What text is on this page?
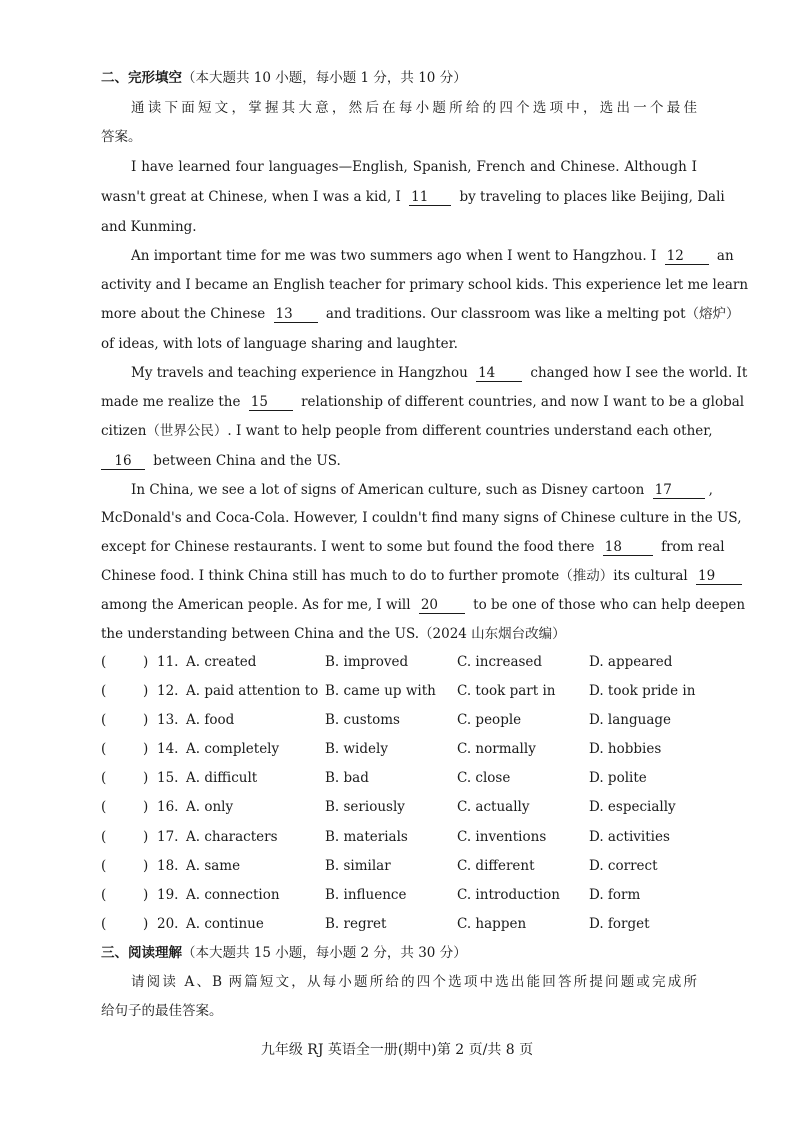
二、完形填空（本大题共 10 小题，每小题 1 分，共 10 分）
通读下面短文，掌握其大意，然后在每小题所给的四个选项中，选出一个最佳
答案。
I have learned four languages—English, Spanish, French and Chinese. Although I
wasn't great at Chinese, when I was a kid, I 11 by traveling to places like Beijing, Dali
and Kunming.
An important time for me was two summers ago when I went to Hangzhou. I 12 an
activity and I became an English teacher for primary school kids. This experience let me learn
more about the Chinese 13 and traditions. Our classroom was like a melting pot（熔炉）
of ideas, with lots of language sharing and laughter.
My travels and teaching experience in Hangzhou 14	changed how I see the world. It
made me realize the 15 relationship of different countries, and now I want to be a global
citizen（世界公民）. I want to help people from different countries understand each other,
16 between China and the US.
In China, we see a lot of signs of American culture, such as Disney cartoon 17	,
McDonald's and Coca-Cola. However, I couldn't find many signs of Chinese culture in the US,
except for Chinese restaurants. I went to some but found the food there 18	from real
Chinese food. I think China still has much to do to further promote（推动）its cultural 19
among the American people. As for me, I will 20	to be one of those who can help deepen
the understanding between China and the US.（2024 山东烟台改编）
(	) 11. A. created	B. improved	C. increased	D. appeared
(	) 12. A. paid attention to B. came up with C. took part in D. took pride in
(	) 13. A. food	B. customs	C. people	D. language
(	) 14. A. completely	B. widely	C. normally	D. hobbies
(	) 15. A. difficult	B. bad	C. close	D. polite
(	) 16. A. only	B. seriously	C. actually	D. especially
(	) 17. A. characters	B. materials	C. inventions	D. activities
(	) 18. A. same	B. similar	C. different	D. correct
(	) 19. A. connection	B. influence	C. introduction D. form
(	) 20. A. continue	B. regret	C. happen	D. forget
三、阅读理解（本大题共 15 小题，每小题 2 分，共 30 分）
请阅读 A、B 两篇短文，从每小题所给的四个选项中选出能回答所提问题或完成所
给句子的最佳答案。
九年级 RJ 英语全一册(期中)第 2 页/共 8 页
